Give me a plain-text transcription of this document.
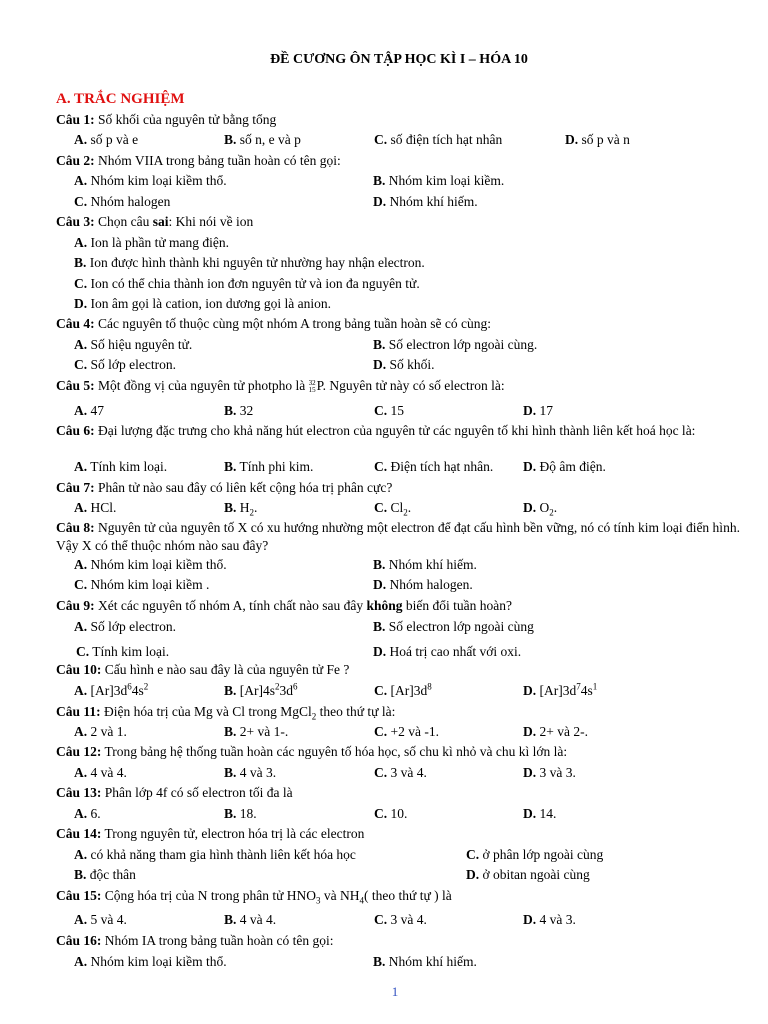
ĐỀ CƯƠNG ÔN TẬP HỌC KÌ I – HÓA 10
A. TRẮC NGHIỆM
Câu 1: Số khối của nguyên tử bằng tổng
A. số p và e	B. số n, e và p	C. số điện tích hạt nhân	D. số p và n
Câu 2: Nhóm VIIA trong bảng tuần hoàn có tên gọi:
A. Nhóm kim loại kiềm thổ.	B. Nhóm kim loại kiềm.
C. Nhóm halogen	D. Nhóm khí hiếm.
Câu 3: Chọn câu sai: Khi nói về ion
A. Ion là phần tử mang điện.
B. Ion được hình thành khi nguyên tử nhường hay nhận electron.
C. Ion có thể chia thành ion đơn nguyên tử và ion đa nguyên tử.
D. Ion âm gọi là cation, ion dương gọi là anion.
Câu 4: Các nguyên tố thuộc cùng một nhóm A trong bảng tuần hoàn sẽ có cùng:
A. Số hiệu nguyên tử.	B. Số electron lớp ngoài cùng.
C. Số lớp electron.	D. Số khối.
Câu 5: Một đồng vị của nguyên tử photpho là 32
15P. Nguyên tử này có số electron là:
A. 47	B. 32	C. 15	D. 17
Câu 6: Đại lượng đặc trưng cho khả năng hút electron của nguyên tử các nguyên tố khi hình thành liên kết hoá học là:
A. Tính kim loại.	B. Tính phi kim.	C. Điện tích hạt nhân. D. Độ âm điện.
Câu 7: Phân tử nào sau đây có liên kết cộng hóa trị phân cực?
A. HCl.	B. $H_2$.	C. $Cl_2$.	D. $O_2$.
Câu 8: Nguyên tử của nguyên tố X có xu hướng nhường một electron để đạt cấu hình bền vững, nó có tính kim loại điển hình. Vậy X có thể thuộc nhóm nào sau đây?
A. Nhóm kim loại kiềm thổ.	B. Nhóm khí hiếm.
C. Nhóm kim loại kiềm .	D. Nhóm halogen.
Câu 9: Xét các nguyên tố nhóm A, tính chất nào sau đây không biến đổi tuần hoàn?
A. Số lớp electron.	B. Số electron lớp ngoài cùng
C. Tính kim loại.	D. Hoá trị cao nhất với oxi.
Câu 10: Cấu hình e nào sau đây là của nguyên tử Fe ?
A. $[Ar]3d^64s^2$	B. $[Ar]4s^23d^6$	C. $[Ar]3d^8$	D. $[Ar]3d^74s^1$
Câu 11: Điện hóa trị của Mg và Cl trong MgCl$_2$ theo thứ tự là:
A. 2 và 1.	B. 2+ và 1-.	C. +2 và -1.	D. 2+ và 2-.
Câu 12: Trong bảng hệ thống tuần hoàn các nguyên tố hóa học, số chu kì nhỏ và chu kì lớn là:
A. 4 và 4.	B. 4 và 3.	C. 3 và 4.	D. 3 và 3.
Câu 13: Phân lớp 4f có số electron tối đa là
A. 6.	B. 18.	C. 10.	D. 14.
Câu 14: Trong nguyên tử, electron hóa trị là các electron
A. có khả năng tham gia hình thành liên kết hóa học	C. ở phân lớp ngoài cùng
B. độc thân	D. ở obitan ngoài cùng
Câu 15: Cộng hóa trị của N trong phân tử $HNO_3$ và $NH_4$( theo thứ tự ) là
A. 5 và 4.	B. 4 và 4.	C. 3 và 4.	D. 4 và 3.
Câu 16: Nhóm IA trong bảng tuần hoàn có tên gọi:
A. Nhóm kim loại kiềm thổ.	B. Nhóm khí hiếm.
1
